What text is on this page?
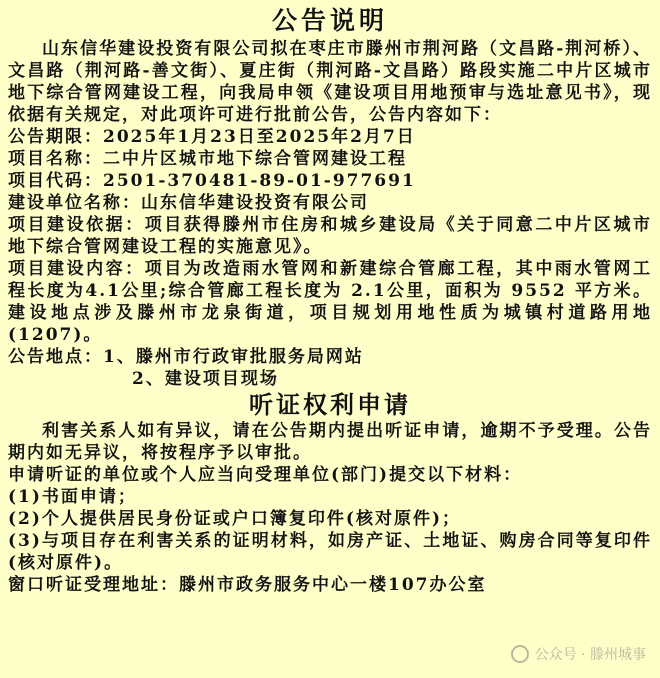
公告说明

山东信华建设投资有限公司拟在枣庄市滕州市荆河路（文昌路-荆河桥）、文昌路（荆河路-善文街）、夏庄街（荆河路-文昌路）路段实施二中片区城市地下综合管网建设工程，向我局申领《建设项目用地预审与选址意见书》，现依据有关规定，对此项许可进行批前公告，公告内容如下：

公告期限：2025年1月23日至2025年2月7日

项目名称：二中片区城市地下综合管网建设工程

项目代码：2501-370481-89-01-977691

建设单位名称：山东信华建设投资有限公司

项目建设依据：项目获得滕州市住房和城乡建设局《关于同意二中片区城市地下综合管网建设工程的实施意见》。

项目建设内容：项目为改造雨水管网和新建综合管廊工程，其中雨水管网工程长度为4.1公里;综合管廊工程长度为 2.1公里，面积为 9552 平方米。建设地点涉及滕州市龙泉街道，项目规划用地性质为城镇村道路用地(1207)。

公告地点：1、滕州市行政审批服务局网站

2、建设项目现场

听证权利申请

利害关系人如有异议，请在公告期内提出听证申请，逾期不予受理。公告期内如无异议，将按程序予以审批。

申请听证的单位或个人应当向受理单位(部门)提交以下材料：

(1)书面申请；

(2)个人提供居民身份证或户口簿复印件(核对原件)；

(3)与项目存在利害关系的证明材料，如房产证、土地证、购房合同等复印件(核对原件)。

窗口听证受理地址：滕州市政务服务中心一楼107办公室

公众号 · 滕州城事
